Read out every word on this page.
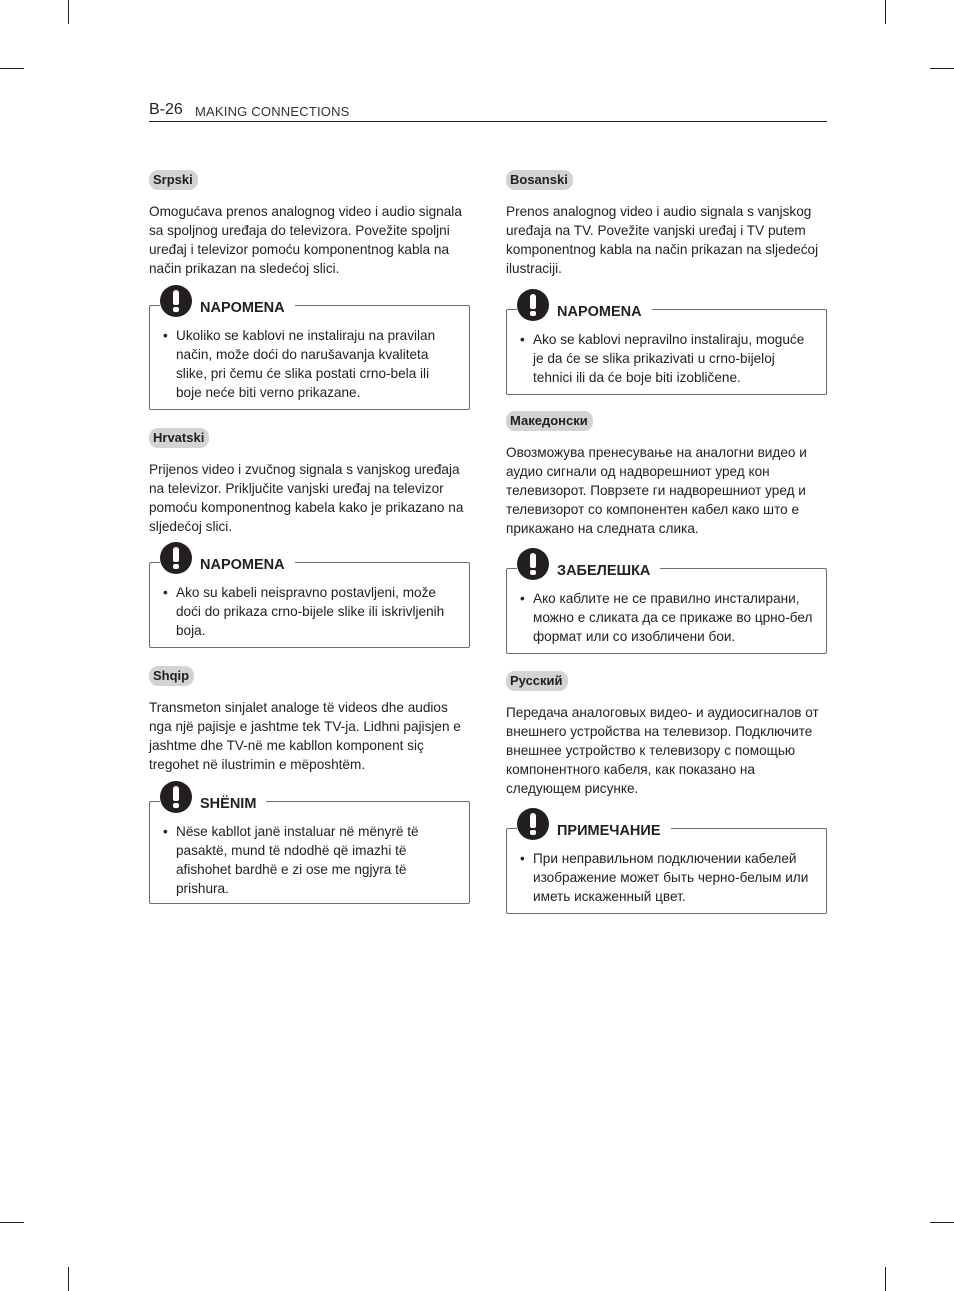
B-26 MAKING CONNECTIONS
Srpski

Omogućava prenos analognog video i audio signala sa spoljnog uređaja do televizora. Povežite spoljni uređaj i televizor pomoću komponentnog kabla na način prikazan na sledećoj slici.

NAPOMENA
• Ukoliko se kablovi ne instaliraju na pravilan način, može doći do narušavanja kvaliteta slike, pri čemu će slika postati crno-bela ili boje neće biti verno prikazane.
Hrvatski

Prijenos video i zvučnog signala s vanjskog uređaja na televizor. Priključite vanjski uređaj na televizor pomoću komponentnog kabela kako je prikazano na sljedećoj slici.

NAPOMENA
• Ako su kabeli neispravno postavljeni, može doći do prikaza crno-bijele slike ili iskrivljenih boja.
Shqip

Transmeton sinjalet analoge të videos dhe audios nga një pajisje e jashtme tek TV-ja. Lidhni pajisjen e jashtme dhe TV-në me kabllon komponent siç tregohet në ilustrimin e mëposhtëm.

SHËNIM
• Nëse kabllot janë instaluar në mënyrë të pasaktë, mund të ndodhë që imazhi të afishohet bardhë e zi ose me ngjyra të prishura.
Bosanski

Prenos analognog video i audio signala s vanjskog uređaja na TV. Povežite vanjski uređaj i TV putem komponentnog kabla na način prikazan na sljedećoj ilustraciji.

NAPOMENA
• Ako se kablovi nepravilno instaliraju, moguće je da će se slika prikazivati u crno-bijeloj tehnici ili da će boje biti izobličene.
Македонски

Овозможува пренесување на аналогни видео и аудио сигнали од надворешниот уред кон телевизорот. Поврзете ги надворешниот уред и телевизорот со компонентен кабел како што е прикажано на следната слика.

ЗАБЕЛЕШКА
• Ако каблите не се правилно инсталирани, можно е сликата да се прикаже во црно-бел формат или со изобличени бои.
Русский

Передача аналоговых видео- и аудиосигналов от внешнего устройства на телевизор. Подключите внешнее устройство к телевизору с помощью компонентного кабеля, как показано на следующем рисунке.

ПРИМЕЧАНИЕ
• При неправильном подключении кабелей изображение может быть черно-белым или иметь искаженный цвет.
